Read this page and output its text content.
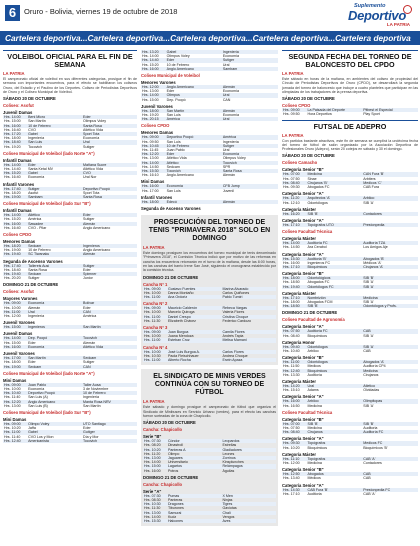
6	Oruro - Bolivia, viernes 19 de octubre de 2018
Suplemento
Deportivo
LA PATRIA
Cartelera deportiva...Cartelera deportiva...Cartelera deportiva...Cartelera deportiva...Cartelera deportiva
VOLEIBOL OFICIAL PARA EL FIN DE SEMANA
LA PATRIA
El campeonato oficial de voleibol en sus diferentes categorías, prosigue el fin de semana con importantes encuentros, para el efecto se habilitaron los coliseos Oruro, del Estadio y el Paulino de los Deportes. Coliseo de Periodistas Deportivos de Oruro y el Coliseo Municipal de Voleibol.
SÁBADO 20 DE OCTUBRE
Coliseo: Asofut
Juvenil Damas
Hrs. 14:00	Beni Micro	Eder
Hrs. 15:00	San Martín	Olimpus Voley
Hrs. 16:00	10 de Febrero	Santa Rosa
Hrs. 16:40	CVO	Atlético Vida
Hrs. 17:20	Gabel	Sport Tota
Hrs. 18:00	Ingeniería	Economía
Hrs. 18:40	San Luis	Ural
Hrs. 19:20	Tocovich	Sutiger
Coliseo Municipal de Voleibol (lado Norte "A")
Infantil Damas
Hrs. 14:00	Eder	Mañana Sucre
Hrs. 14:40	Santa Ketal MV	Atlético Vida
Hrs. 15:20	Gabel	CVO
Hrs. 16:40	Economía	Ural Nor
Infantil Varones
Hrs. 17:40	Sutiger	Deportivo Poopó
Hrs. 18:20	Asofut	Sport Tota
Hrs. 19:00	Sambam	Santa Rosa
Coliseo Municipal de Voleibol (lado Sur "B")
Infantil Damas
Hrs. 14:00	Atlético	Eder
Hrs. 15:20	América	Sutiger
Hrs. 16:00	Sawadee	Alemán
Hrs. 16:40	CVO - Pilar	Anglo Americano
Coliseo CPDO
Menores Damas
Hrs. 18:20	Sedcam	Ingenieros
Hrs. 19:00	10 de Febrero	Anglo Americano
Hrs. 19:40	SC Tiwanaku	Alemán
Segunda de Ascenso Varones
Hrs. 17:40	Tallereis Ausi	Sutiger
Hrs. 18:40	Santa Rosa	Eder
Hrs. 19:40	Sedcam	Spimner
Hrs. 20:20	Sutiger	Junior
DOMINGO 21 DE OCTUBRE
Coliseo: Asofut
Mayores Varones
Hrs. 09:00	Economía	Bolívar
Hrs. 10:00	Alemán	Eder
Hrs. 11:00	Ural	CAN
Hrs. 12:00	Ingeniería	América
Juvenil Varones
Hrs. 15:00	Ingenieros	San Martín
Juvenil Damas
Hrs. 14:00	Dep. Poopó	Tocovich
Hrs. 15:00	Eder	Alemán
Hrs. 16:00	Economía	Atlético Vida
Juvenil Varones
Hrs. 17:00	San Martín	Sedcam
Hrs. 18:00	Eder	Sutiger
Hrs. 19:00	Sedcam	CAN
Coliseo Municipal de Voleibol (lado Norte "A")
Mini Damas
Hrs. 09:00	Juan Pablo	Taller Ausa
Hrs. 10:00	Economía	3 de Noviembre
Hrs. 10:40	Deportivo Poopó	10 de Febrero
Hrs. 11:40	San Luis (A)	Ingeniería
Hrs. 12:20	Anglo Americano	Manta Rosa NRV
Hrs. 13:00	San Luis (B)	San Martín
Coliseo Municipal de Voleibol (lado Sur "B")
Mini Damas
Hrs. 09:00	Olimpo Voley	UTO Santiago
Hrs. 10:20	Jaffa	Eder
Hrs. 11:00	Gabel	Gutiger
Hrs. 11:40	CVO Los y Mon	Día y Mor
Hrs. 12:40	Americanista	Tocovich
Hrs. 13:20	Gabel	Ingeniería
Hrs. 14:00	Olimpus Voley	Economía
Hrs. 14:40	Eder	Sutiger
Hrs. 15:20	10 de Febrero	Ural
Hrs. 16:00	Anglo Americano	Sambam
Coliseo Municipal de Voleibol
Menores Varones
Hrs. 12:00	Anglo Americano	Alemán
Hrs. 13:00	Eder	Economía
Hrs. 14:00	Olimpus	Ural
Hrs. 15:00	Dep. Poopó	CAN
Juvenil Varones
Hrs. 18:00	San Martín	Alemán
Hrs. 19:20	San Luis	Economía
Hrs. 20:15	América	Ural
Coliseo CPDO
Menores Damas
Hrs. 09:00	Deportivo Poopó	América
Hrs. 09:50	San Luis	Ingeniería
Hrs. 10:45	10 de Febrero	Sutiger
Hrs. 11:45	Juan Pablo	Ural
Hrs. 12:20	Eder	Economía
Hrs. 13:00	Atlético Vida	Olimpus Voley
Hrs. 14:00	Atlético	Tocovich
Hrs. 14:50	Sedcam	SPR
Hrs. 15:30	Tocovich	Santa Rosa
Hrs. 16:10	Anglo Americano	Alemán
Mini Damas
Hrs. 16:00	Economía	CFB Jump
Hrs. 17:00	San Luis	Juvenil
Infantil Varones
Hrs. 18:00	Edecó	Alemán
Segunda de Ascenso Varones
PROSECUCIÓN DEL TORNEO DE TENIS "PRIMAVERA 2018" SOLO EN DOMINGO
LA PATRIA
Este domingo prosiguen los encuentros del torneo municipal de tenis denominado "Primavera 2018", el Comisión Técnica indicó que por motivo de las reformas en cancha los encuentros retomarán en el turno de la mañana, desde las 8:00 horas, en las canchas del barrio Irene San José, siguiendo el cronograma establecido por la comisión técnica.
DOMINGO 21 DE OCTUBRE
Cancha Nº 1
Hrs. 09:00	Gustavo Fuentes	Marina Alvarado
Hrs. 10:00	Danna Montaño	Carlos Quiñones
Hrs. 11:00	Ana Ordoriz	Pablo Tumiri
Cancha Nº 2
Hrs. 09:00	Mauricio Calderón	Rebeca Vargas
Hrs. 10:00	Marcelo Quiroga	Valeria Flores
Hrs. 11:00	Daniel Crespo	Cristina Choque
Hrs. 11:30	Elizabeth Chávez	Federico Cardozo
Cancha Nº 3
Hrs. 09:00	Juan Burgoa	Camila Flores
Hrs. 10:00	Juana Mendoza	Andrés Tapia
Hrs. 11:00	Esteban Cruz	Melisa Mamani
Cancha Nº 4
Hrs. 10:00	José Luis Burgoa A.	Carlos Flores
Hrs. 10:30	Paola Fleischhauer	Andrea Choque
Hrs. 11:00	Alberto Rocha	Erwin Apaza
EL SINDICATO DE MINIS VERDES CONTINÚA CON SU TORNEO DE FÚTBOL
LA PATRIA
Este sábado y domingo prosigue el campeonato de fútbol que organiza el Sindicato de Minibuses en Servicio Urbano (verdes), para el efecto las canchas fueron sorteadas de la zona de Chapicollo.
SÁBADO 20 DE OCTUBRE
Cancha: Chapicollo
Serie "B"
Hrs. 07:30	Cóndor	Leopardos
Hrs. 08:20	Dinastroll	Estrellas
Hrs. 10:20	Panteras A	Gladiadores
Hrs. 11:20	Olimpo	Leones
Hrs. 13:00	Jaguares	Zorrinos
Hrs. 14:00	Universitario	Kinsplunches
Hrs. 15:00	Lagartos	Relámpagos
Hrs. 16:00	Potros	Águilas
DOMINGO 21 DE OCTUBRE
Cancha: Chapicollo
Serie "A"
Hrs. 07:30	Pumas	X Men
Hrs. 08:30	Panteras	Ninjas
Hrs. 10:30	Dragones	Tigres
Hrs. 11:30	Tiburones	Gaviotas
Hrs. 13:00	Samurai	Chalí
Hrs. 14:00	Kudz	Vengos
Hrs. 15:30	Halcones	Aves
SEGUNDA FECHA DEL TORNEO DE BALONCESTO DEL CPDO
LA PATRIA
Este sábado en horas de la mañana, en ambientes del coliseo de propiedad del Círculo de Periodistas Deportivos de Oruro (CPDO), se desarrollará la segunda jornada del torneo de baloncesto que incluye a cuatro planteles que participan en las olimpiadas de los trabajadores de la prensa deportiva.
SÁBADO 20 DE OCTUBRE
Coliseo CPDO
Hrs. 09:00	La Paisada del Deporte	Pitbest el Especial
Hrs. 09:50	Hora Deportiva	Play Sport
FUTSAL DE ADEPRO
LA PATRIA
Con partidos bastante atractivos, este fin de semana se cumplirá la undécima fecha del torneo de fútbol de salón organizado por la Asociación Deportiva de Profesionales Oruro (Adepro), serán 20 cotejos en sábado y 30 el domingo.
SÁBADO 20 DE OCTUBRE
Coliseo Camacho
Categoría Senior "B"
Hrs. 07:00	Medicina	CAN Fura 'B'
Hrs. 07:50	Sinae	Arbiters
Hrs. 08:40	Cirujanos 'B'	Medicos 'C'
Hrs. 09:30	Abogados FC	CAB Fura
Categoría Senior "A"
Hrs. 11:20	Arquitectos 'A'	Arbiloo
Hrs. 12:10	Odontólogos	SIB 'A'
Categoría Máster
Hrs. 16:20	SIB 'B'	Contadores
Categoría Senior "A"
Hrs. 17:10	Topógrafos UTO	Prestonpedia
Coliseo Facultad Técnica
Categoría Máster
Hrs. 14:00	Auditoría FC	Auditoría TZA
Hrs. 14:50	Ara Cerabol	Los Amigos Aje
Categoría Senior "A"
Hrs. 15:30	Auditoria 'B'	Abogados 'B'
Hrs. 16:00	Ingenieros FC	Médicos 'A'
Hrs. 17:10	Bioquímicos	Cirujanos 'A'
Categoría Senior "B"
Hrs. 18:00	Odontológicos	SIB 'B'
Hrs. 18:50	Abogados FC	SIB 'A'
Hrs. 19:40	Odontólogos FC	SIB 'A'
Categoría Máster
Hrs. 17:10	Nombrizión	Medicina
Hrs. 18:00	Abogados FCM	SIB 'A'
Hrs. 18:50	SIB 'B'	Odontólogos y Profs.
DOMINGO 21 DE OCTUBRE
Coliseo Facultad de Agronomía
Categoría Senior "A"
Hrs. 07:50	Auditoría FC	CAB
Hrs. 08:40	Bioquímicos	SIB 'A'
Categoría Honor
Hrs. 09:40	Odontólogos	SIB 'A'
Hrs. 10:40	Arbiloo	CAB
Categoría Senior "B"
Hrs. 11:00	Odontólogos	Abogados 'A'
Hrs. 11:50	Medicos	Auditoría CP4
Hrs. 12:40	Bioquímicos	Medicina
Hrs. 13:30	Auditoría	Cirujanos
Categoría Máster
Hrs. 14:20	Ural	Atletico
Hrs. 15:10	Adams	Olvidadas
Categoría Senior "A"
Hrs. 16:00	Arbiloo	Olimpitopas
Hrs. 16:50	Medicina	SIB 'A'
Coliseo Facultad Técnica
Categoría Senior "B"
Hrs. 07:00	SIB 'B'	SIB 'B'
Hrs. 07:50	Medicina	Auditoria
Hrs. 08:40	Cirujanos	Auditoría FC
Categoría Senior "A"
Hrs. 09:30	Topógrafos	Medicos FC
Hrs. 10:20	Bioquímicos	Bioquímicos 'B'
Categoría Máster
Hrs. 11:10	Topógrafos	CAB 'A'
Hrs. 12:00	Medicina	Contadores
Categoría Senior "B"
Hrs. 12:50	Abogados	CAB
Hrs. 13:40	Médicos	CAB
Categoría Senior "A"
Hrs. 14:30	CAB Fura 'B'	Prestonpedia FC
Hrs. 17:10	Auditoria	CAB 'A'
